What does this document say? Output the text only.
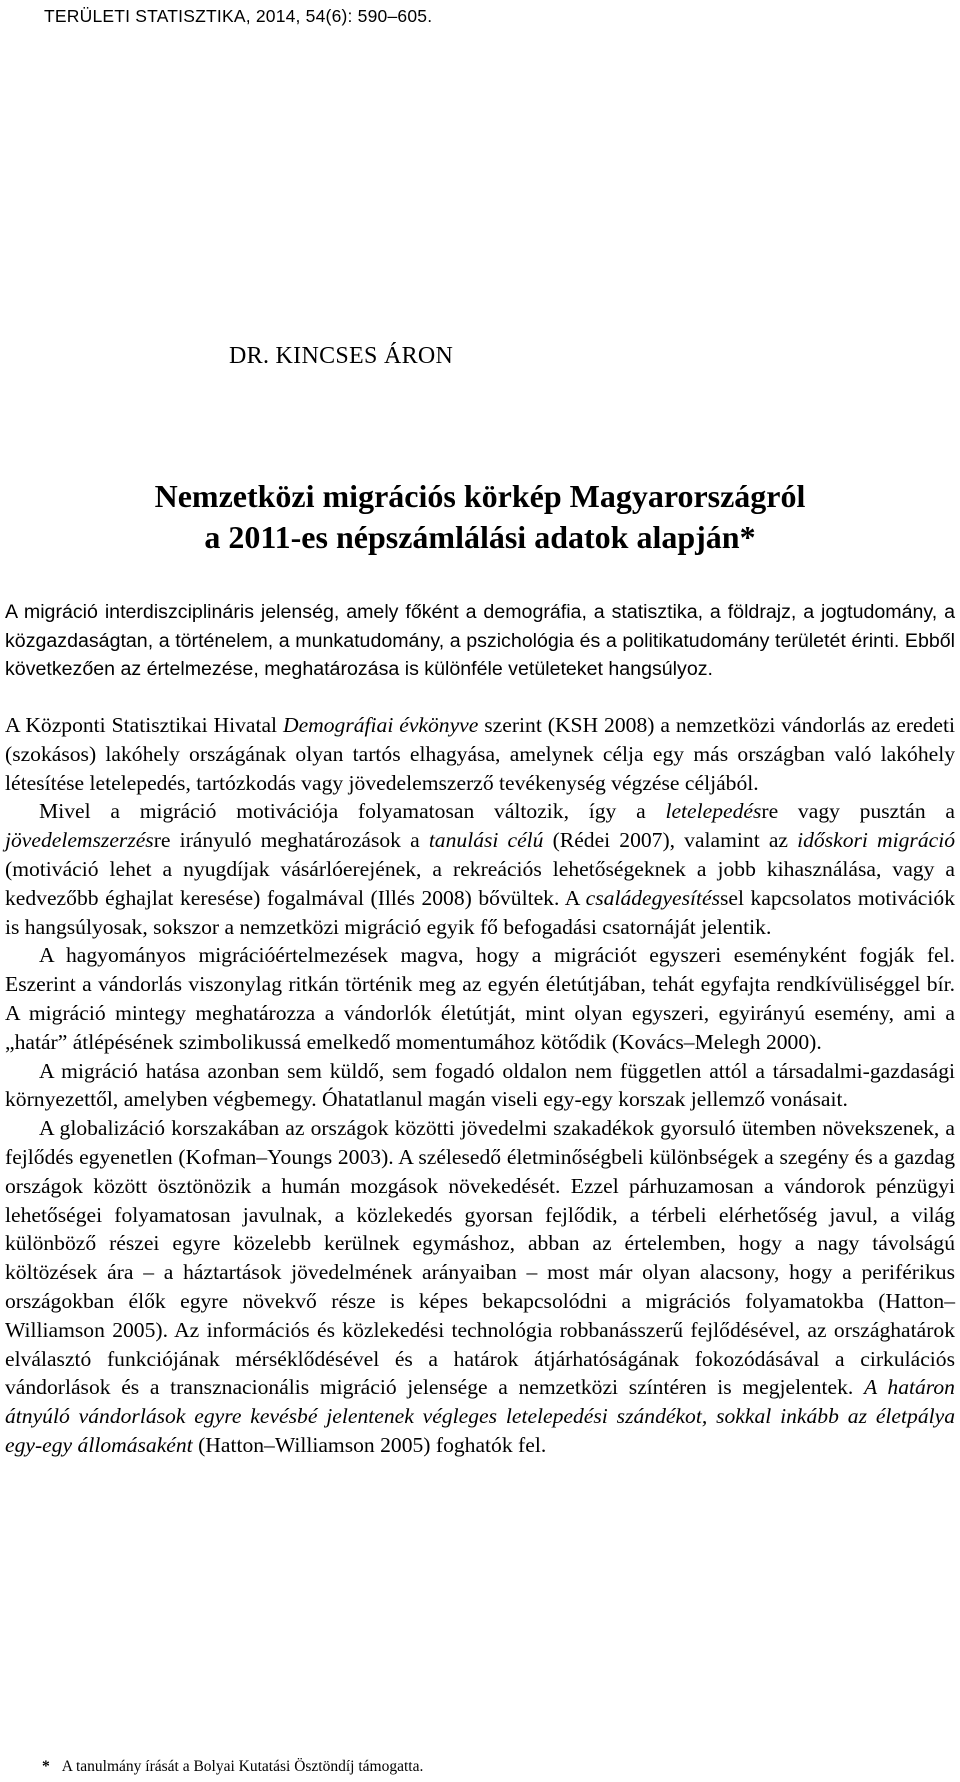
TERÜLETI STATISZTIKA, 2014, 54(6): 590–605.
DR. KINCSES ÁRON
Nemzetközi migrációs körkép Magyarországról
a 2011-es népszámlálási adatok alapján*
A migráció interdiszciplináris jelenség, amely főként a demográfia, a statisztika, a földrajz, a jogtudomány, a közgazdaságtan, a történelem, a munkatudomány, a pszichológia és a politikatudomány területét érinti. Ebből következően az értelmezése, meghatározása is különféle vetületeket hangsúlyoz.

A Központi Statisztikai Hivatal Demográfiai évkönyve szerint (KSH 2008) a nemzetközi vándorlás az eredeti (szokásos) lakóhely országának olyan tartós elhagyása, amelynek célja egy más országban való lakóhely létesítése letelepedés, tartózkodás vagy jövedelemszerző tevékenység végzése céljából.

Mivel a migráció motivációja folyamatosan változik, így a letelepedésre vagy pusztán a jövedelemszerzésre irányuló meghatározások a tanulási célú (Rédei 2007), valamint az időskori migráció (motiváció lehet a nyugdíjak vásárlóerejének, a rekreációs lehetőségeknek a jobb kihasználása, vagy a kedvezőbb éghajlat keresése) fogalmával (Illés 2008) bővültek. A családegyesítéssel kapcsolatos motivációk is hangsúlyosak, sokszor a nemzetközi migráció egyik fő befogadási csatornáját jelentik.

A hagyományos migrációértelmezések magva, hogy a migrációt egyszeri eseményként fogják fel. Eszerint a vándorlás viszonylag ritkán történik meg az egyén életútjában, tehát egyfajta rendkívüliséggel bír. A migráció mintegy meghatározza a vándorlók életútját, mint olyan egyszeri, egyirányú esemény, ami a „határ” átlépésének szimbolikussá emelkedő momentumához kötődik (Kovács–Melegh 2000).

A migráció hatása azonban sem küldő, sem fogadó oldalon nem független attól a társadalmi-gazdasági környezettől, amelyben végbemegy. Óhatatlanul magán viseli egy-egy korszak jellemző vonásait.

A globalizáció korszakában az országok közötti jövedelmi szakadékok gyorsuló ütemben növekszenek, a fejlődés egyenetlen (Kofman–Youngs 2003). A szélesedő életminőségbeli különbségek a szegény és a gazdag országok között ösztönözik a humán mozgások növekedését. Ezzel párhuzamosan a vándorok pénzügyi lehetőségei folyamatosan javulnak, a közlekedés gyorsan fejlődik, a térbeli elérhetőség javul, a világ különböző részei egyre közelebb kerülnek egymáshoz, abban az értelemben, hogy a nagy távolságú költözések ára – a háztartások jövedelmének arányaiban – most már olyan alacsony, hogy a periférikus országokban élők egyre növekvő része is képes bekapcsolódni a migrációs folyamatokba (Hatton–Williamson 2005). Az információs és közlekedési technológia robbanásszerű fejlődésével, az országhatárok elválasztó funkciójának mérséklődésével és a határok átjárhatóságának fokozódásával a cirkulációs vándorlások és a transznacionális migráció jelensége a nemzetközi színtéren is megjelentek. A határon átnyúló vándorlások egyre kevésbé jelentenek végleges letelepedési szándékot, sokkal inkább az életpálya egy-egy állomásaként (Hatton–Williamson 2005) foghatók fel.

* A tanulmány írását a Bolyai Kutatási Ösztöndíj támogatta.
